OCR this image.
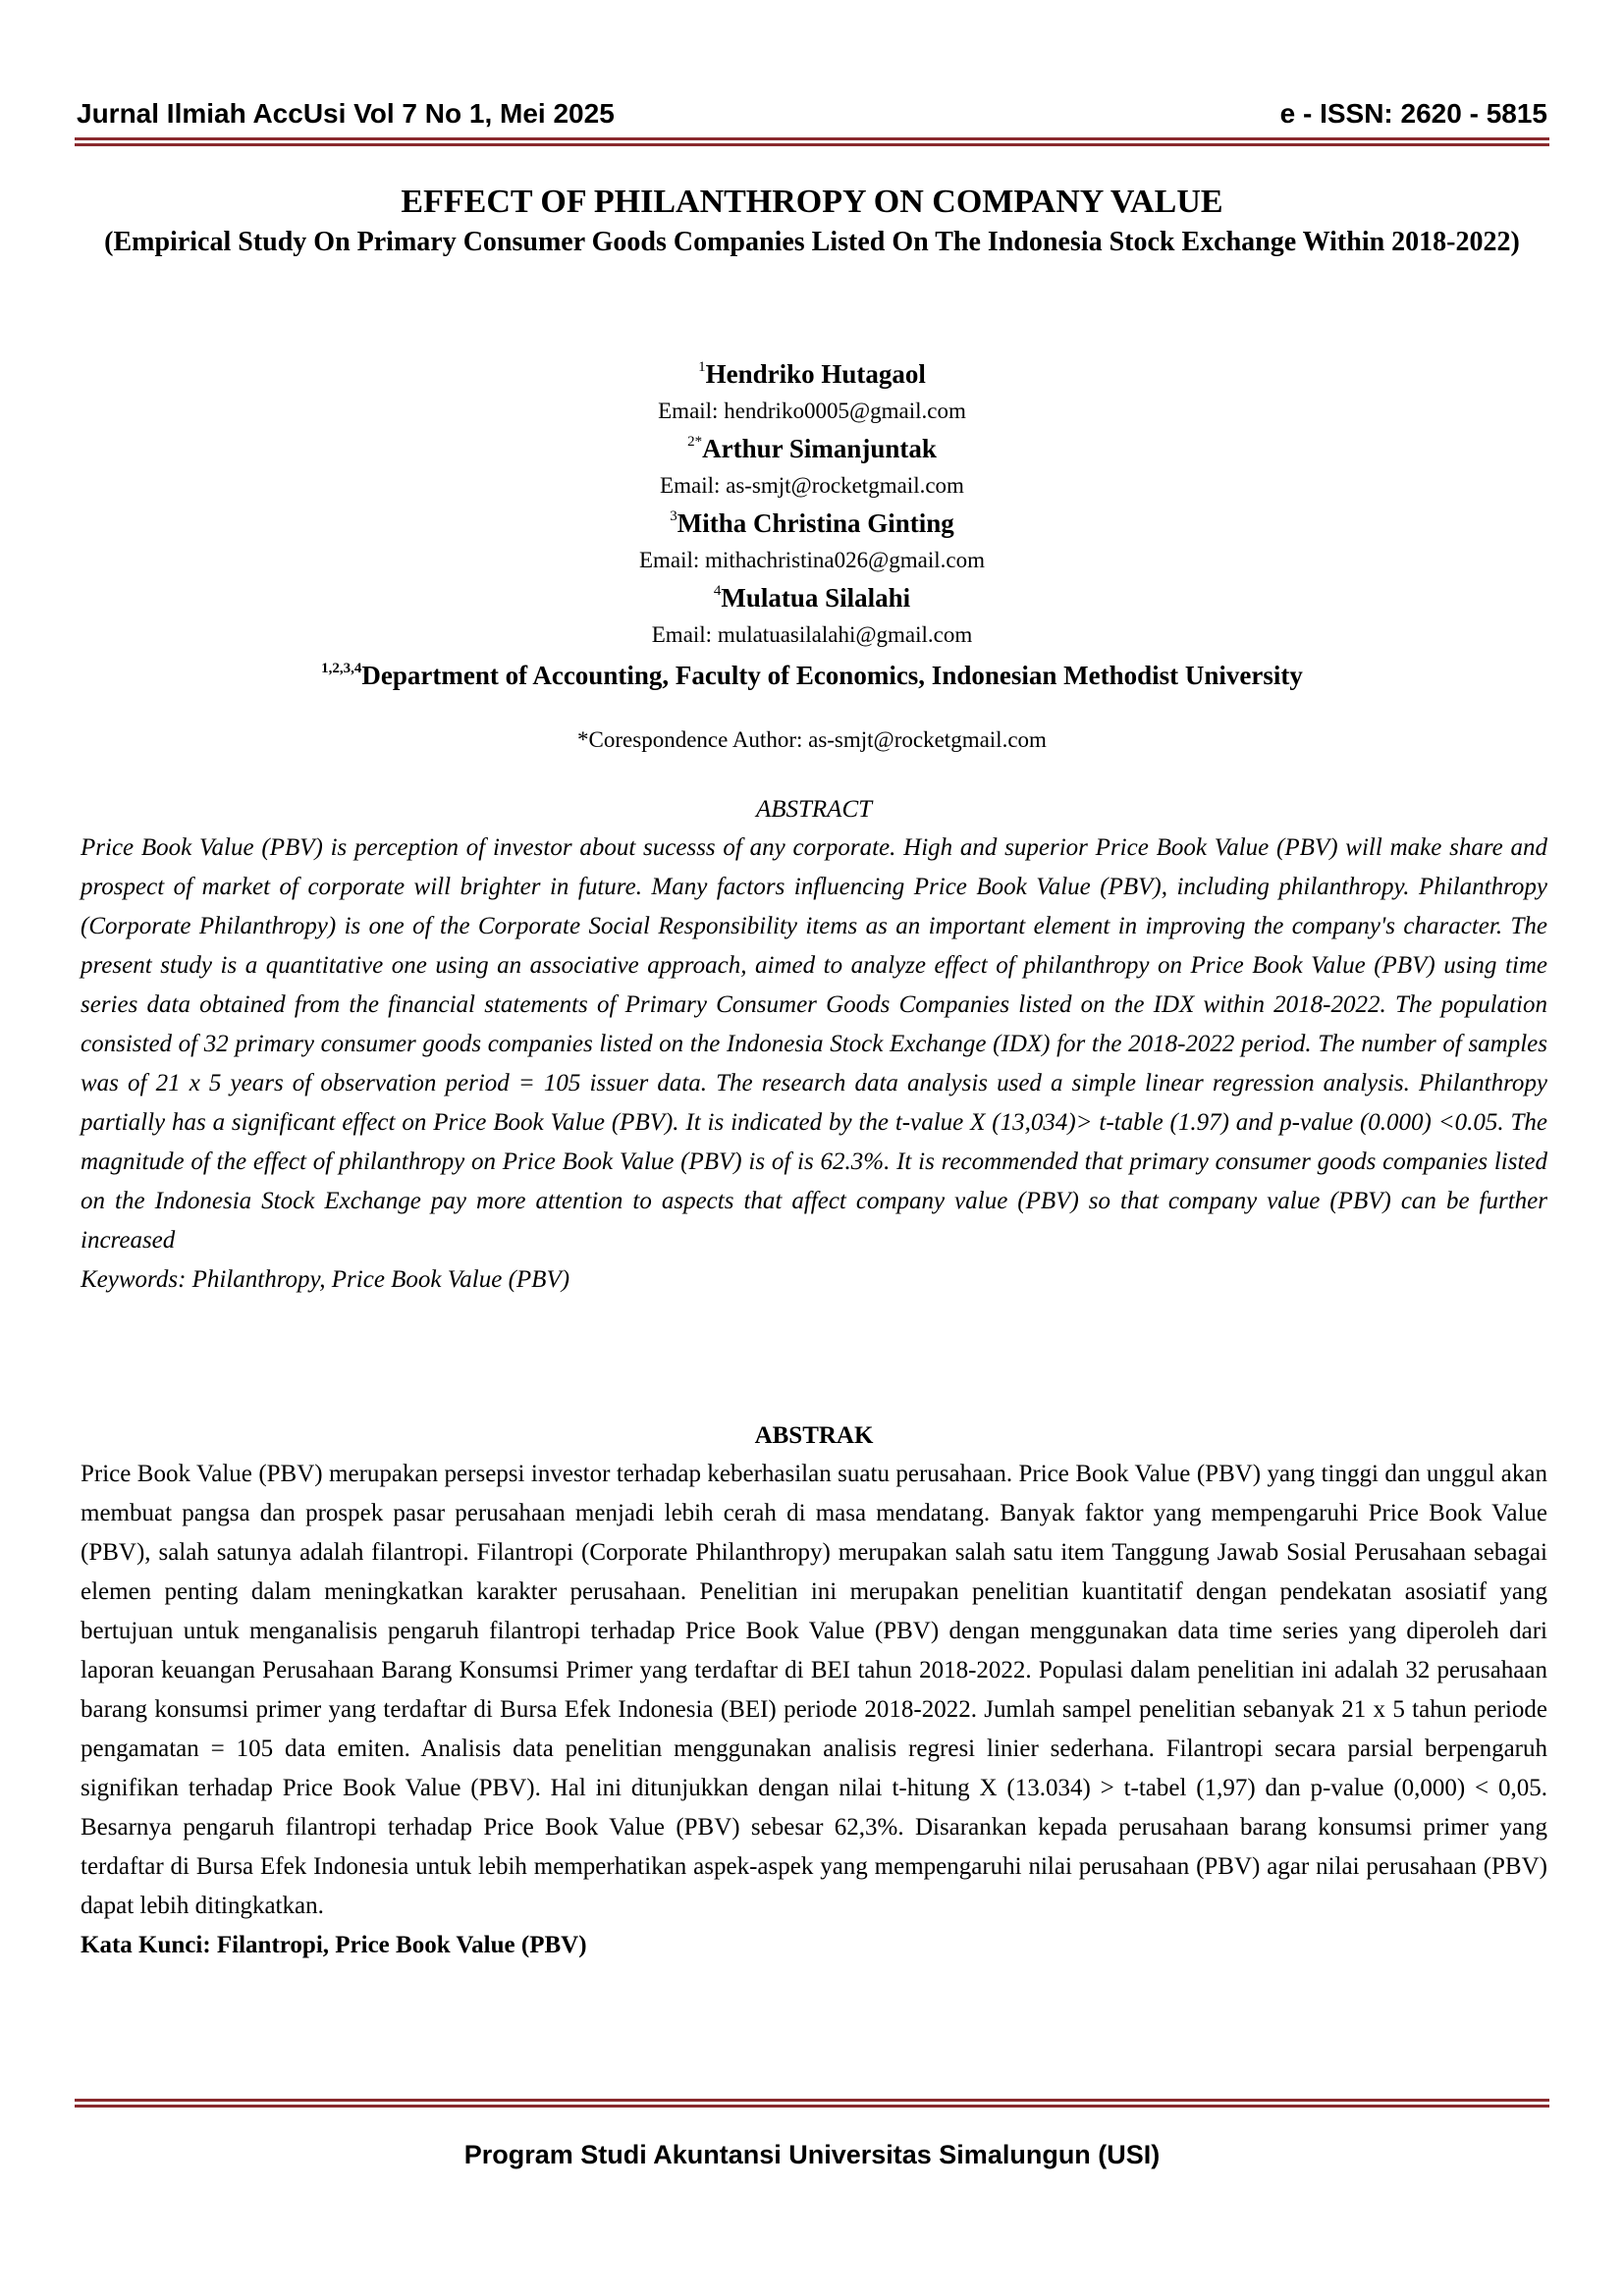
Jurnal Ilmiah AccUsi Vol 7 No 1, Mei 2025	e - ISSN: 2620 - 5815
EFFECT OF PHILANTHROPY ON COMPANY VALUE
(Empirical Study On Primary Consumer Goods Companies Listed On The Indonesia Stock Exchange Within 2018-2022)
$^1$Hendriko Hutagaol
Email: hendriko0005@gmail.com
$^{2*}$Arthur Simanjuntak
Email: as-smjt@rocketgmail.com
$^3$Mitha Christina Ginting
Email: mithachristina026@gmail.com
$^4$Mulatua Silalahi
Email: mulatuasilalahi@gmail.com
$^{1,2,3,4}$Department of Accounting, Faculty of Economics, Indonesian Methodist University
*Corespondence Author: as-smjt@rocketgmail.com
ABSTRACT
Price Book Value (PBV) is perception of investor about sucesss of any corporate. High and superior Price Book Value (PBV) will make share and prospect of market of corporate will brighter in future. Many factors influencing Price Book Value (PBV), including philanthropy. Philanthropy (Corporate Philanthropy) is one of the Corporate Social Responsibility items as an important element in improving the company's character. The present study is a quantitative one using an associative approach, aimed to analyze effect of philanthropy on Price Book Value (PBV) using time series data obtained from the financial statements of Primary Consumer Goods Companies listed on the IDX within 2018-2022. The population consisted of 32 primary consumer goods companies listed on the Indonesia Stock Exchange (IDX) for the 2018-2022 period. The number of samples was of 21 x 5 years of observation period = 105 issuer data. The research data analysis used a simple linear regression analysis. Philanthropy partially has a significant effect on Price Book Value (PBV). It is indicated by the t-value X (13,034)> t-table (1.97) and p-value (0.000) <0.05. The magnitude of the effect of philanthropy on Price Book Value (PBV) is of is 62.3%. It is recommended that primary consumer goods companies listed on the Indonesia Stock Exchange pay more attention to aspects that affect company value (PBV) so that company value (PBV) can be further increased
Keywords: Philanthropy, Price Book Value (PBV)
ABSTRAK
Price Book Value (PBV) merupakan persepsi investor terhadap keberhasilan suatu perusahaan. Price Book Value (PBV) yang tinggi dan unggul akan membuat pangsa dan prospek pasar perusahaan menjadi lebih cerah di masa mendatang. Banyak faktor yang mempengaruhi Price Book Value (PBV), salah satunya adalah filantropi. Filantropi (Corporate Philanthropy) merupakan salah satu item Tanggung Jawab Sosial Perusahaan sebagai elemen penting dalam meningkatkan karakter perusahaan. Penelitian ini merupakan penelitian kuantitatif dengan pendekatan asosiatif yang bertujuan untuk menganalisis pengaruh filantropi terhadap Price Book Value (PBV) dengan menggunakan data time series yang diperoleh dari laporan keuangan Perusahaan Barang Konsumsi Primer yang terdaftar di BEI tahun 2018-2022. Populasi dalam penelitian ini adalah 32 perusahaan barang konsumsi primer yang terdaftar di Bursa Efek Indonesia (BEI) periode 2018-2022. Jumlah sampel penelitian sebanyak 21 x 5 tahun periode pengamatan = 105 data emiten. Analisis data penelitian menggunakan analisis regresi linier sederhana. Filantropi secara parsial berpengaruh signifikan terhadap Price Book Value (PBV). Hal ini ditunjukkan dengan nilai t-hitung X (13.034) > t-tabel (1,97) dan p-value (0,000) < 0,05. Besarnya pengaruh filantropi terhadap Price Book Value (PBV) sebesar 62,3%. Disarankan kepada perusahaan barang konsumsi primer yang terdaftar di Bursa Efek Indonesia untuk lebih memperhatikan aspek-aspek yang mempengaruhi nilai perusahaan (PBV) agar nilai perusahaan (PBV) dapat lebih ditingkatkan.
Kata Kunci: Filantropi, Price Book Value (PBV)
Program Studi Akuntansi Universitas Simalungun (USI)
